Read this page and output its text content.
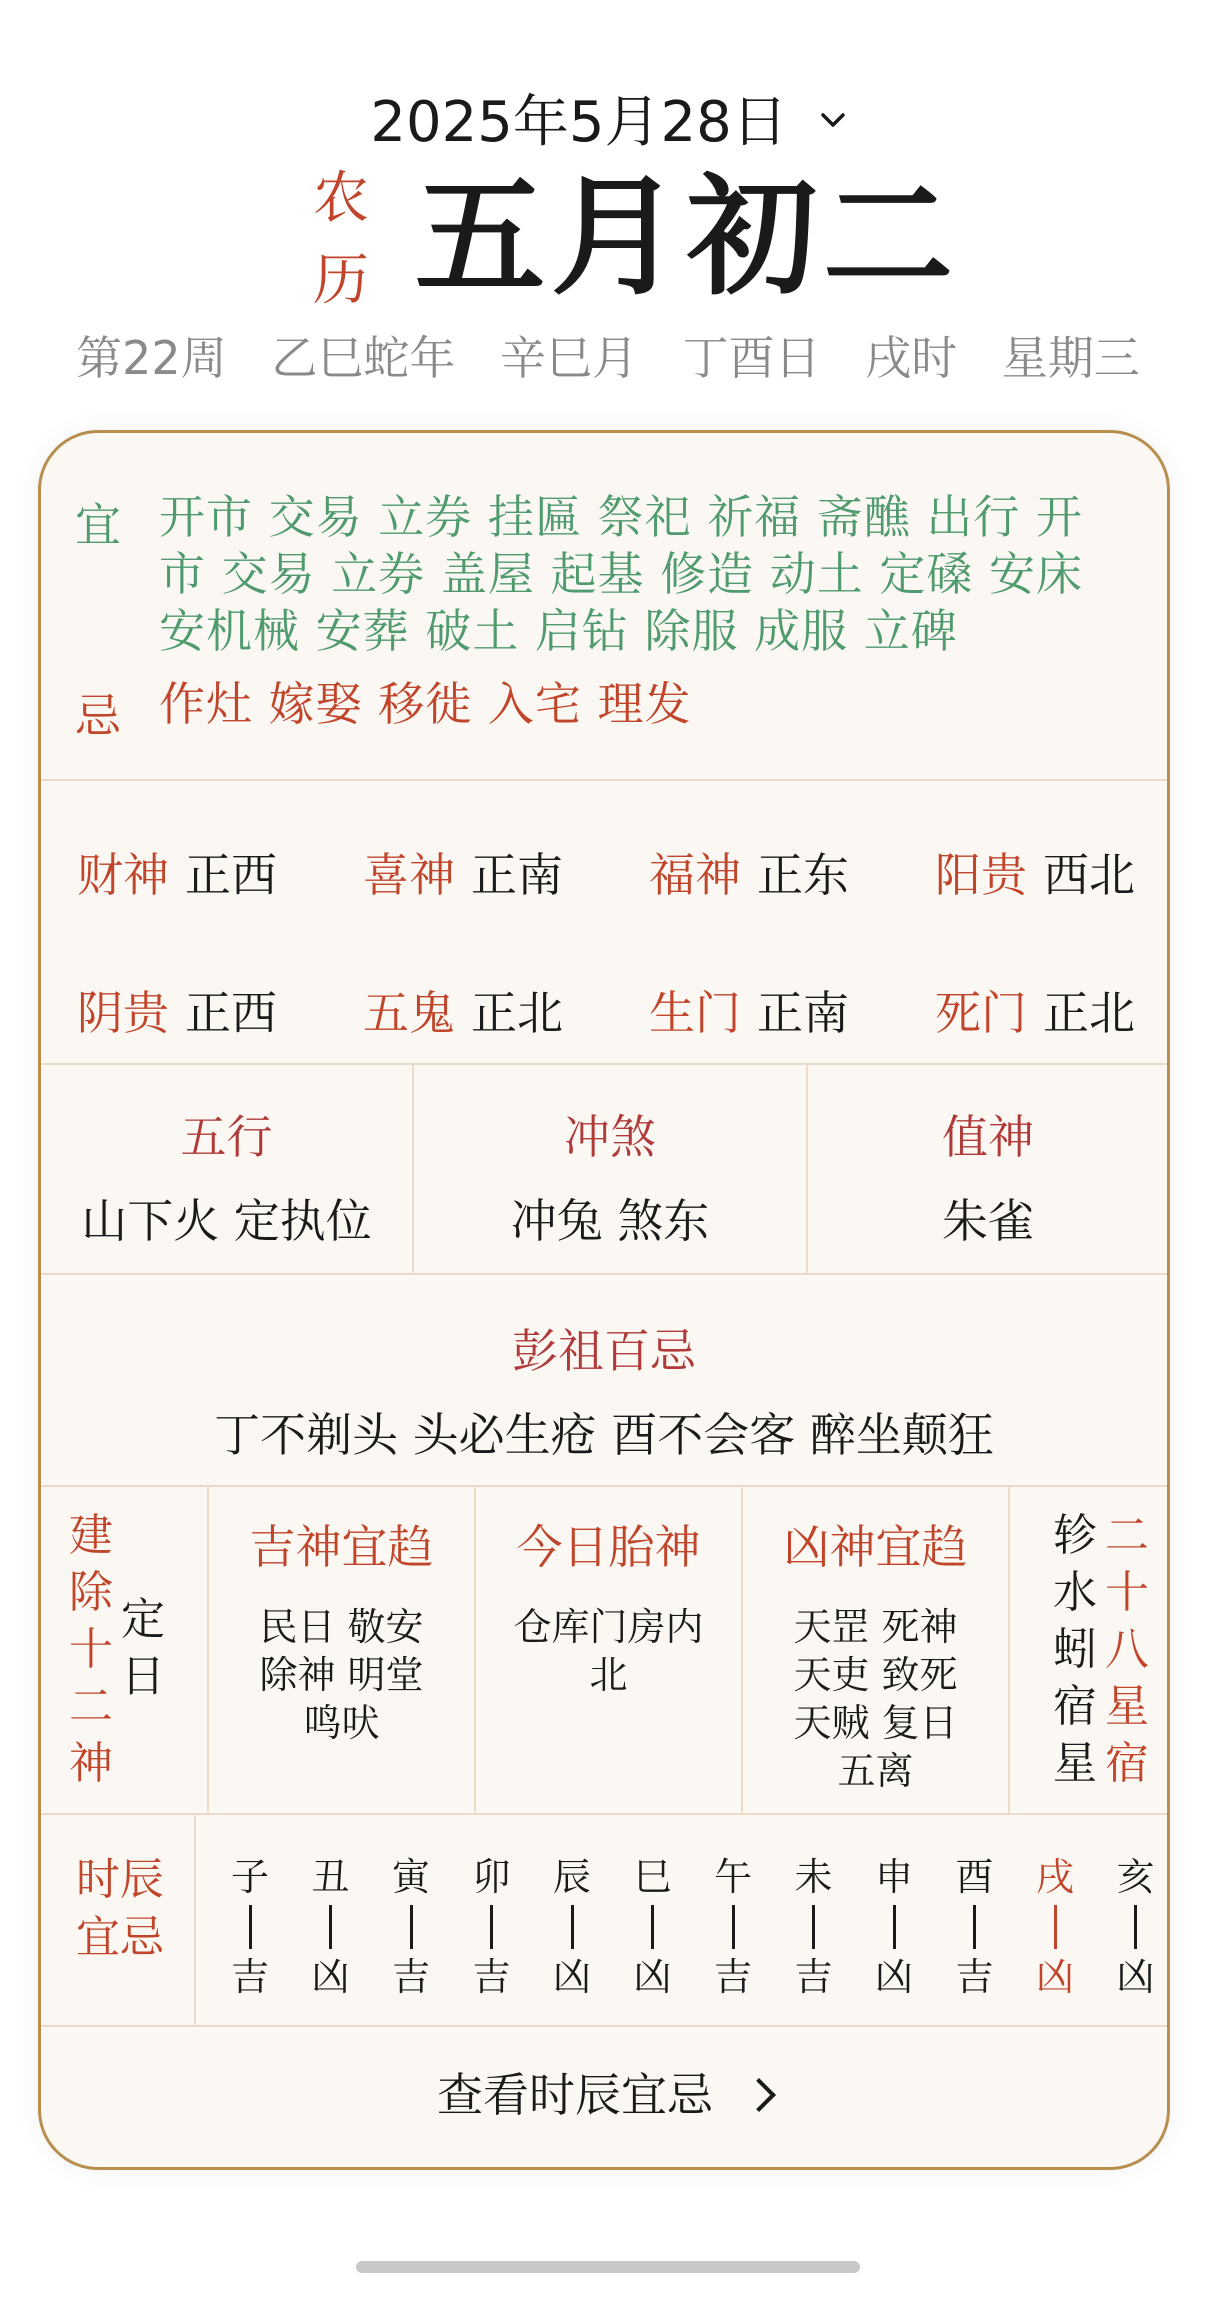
2025年5月28日
农
历 五月初二
第22周 乙巳蛇年 辛巳月 丁酉日 戌时 星期三
宜 开市 交易 立券 挂匾 祭祀 祈福 斋醮 出行 开
市 交易 立券 盖屋 起基 修造 动土 定磉 安床
安机械 安葬 破土 启钻 除服 成服 立碑
忌 作灶 嫁娶 移徙 入宅 理发
财神 正西 喜神 正南 福神 正东 阳贵 西北
阴贵 正西 五鬼 正北 生门 正南 死门 正北
五行
山下火 定执位
冲煞
冲兔 煞东
值神
朱雀
彭祖百忌
丁不剃头 头必生疮 酉不会客 醉坐颠狂
建
除
十
二
神
定
日
吉神宜趋
民日 敬安
除神 明堂
鸣吠
今日胎神
仓库门房内
北
凶神宜趋
天罡 死神
天吏 致死
天贼 复日
五离
轸
水
蚓
宿
星
二
十
八
星
宿
时辰
宜忌
子
吉
丑
凶
寅
吉
卯
吉
辰
凶
巳
凶
午
吉
未
吉
申
凶
酉
吉
戌
凶
亥
凶
查看时辰宜忌
